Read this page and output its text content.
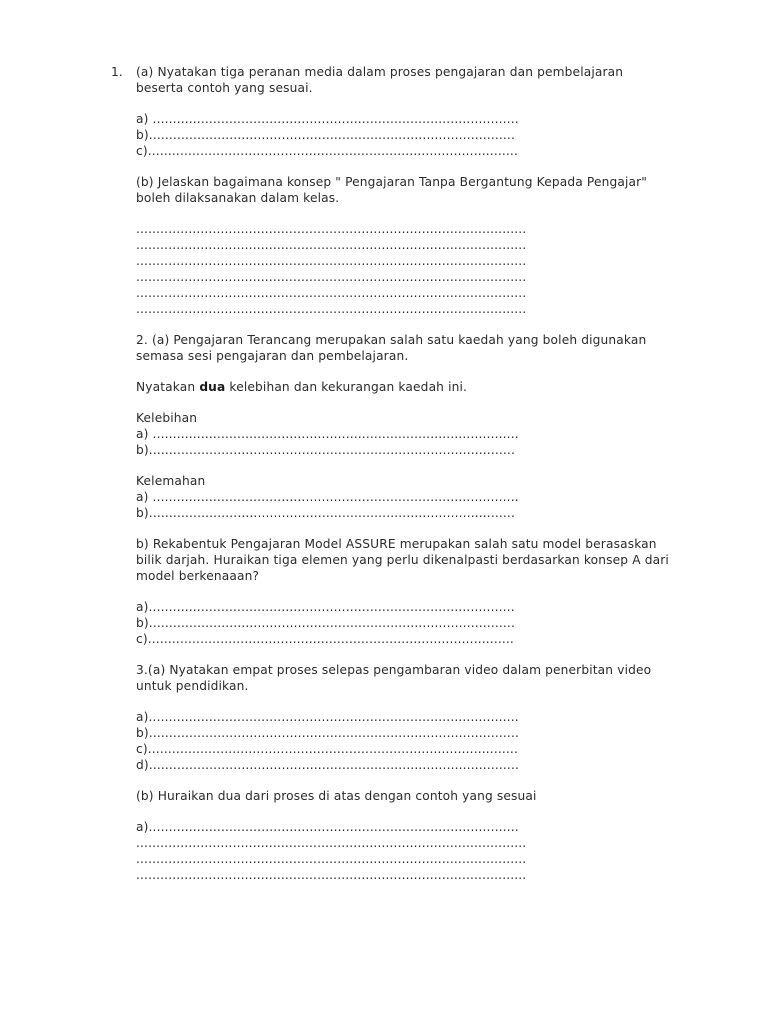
1. (a) Nyatakan tiga peranan media dalam proses pengajaran dan pembelajaran
beserta contoh yang sesuai.
a) ...........................................................................................
b)...........................................................................................
c)............................................................................................
(b) Jelaskan bagaimana konsep " Pengajaran Tanpa Bergantung Kepada Pengajar"
boleh dilaksanakan dalam kelas.
.................................................................................................
.................................................................................................
.................................................................................................
.................................................................................................
.................................................................................................
.................................................................................................
2. (a) Pengajaran Terancang merupakan salah satu kaedah yang boleh digunakan
semasa sesi pengajaran dan pembelajaran.
Nyatakan dua kelebihan dan kekurangan kaedah ini.
Kelebihan
a) ...........................................................................................
b)...........................................................................................
Kelemahan
a) ...........................................................................................
b)...........................................................................................
b) Rekabentuk Pengajaran Model ASSURE merupakan salah satu model berasaskan
bilik darjah. Huraikan tiga elemen yang perlu dikenalpasti berdasarkan konsep A dari
model berkenaaan?
a)...........................................................................................
b)...........................................................................................
c)...........................................................................................
3.(a) Nyatakan empat proses selepas pengambaran video dalam penerbitan video
untuk pendidikan.
a)............................................................................................
b)............................................................................................
c)............................................................................................
d)............................................................................................
(b) Huraikan dua dari proses di atas dengan contoh yang sesuai
a)............................................................................................
.................................................................................................
.................................................................................................
.................................................................................................
